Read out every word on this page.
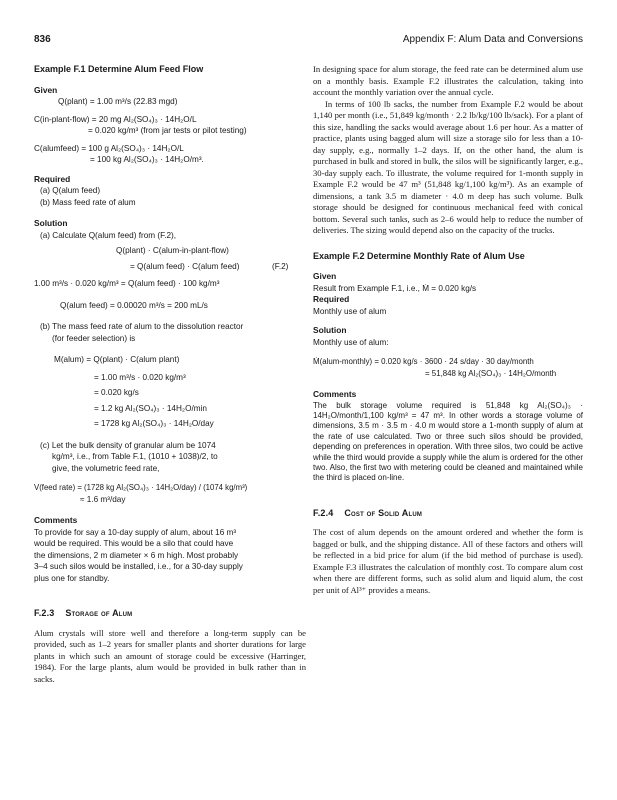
836	Appendix F: Alum Data and Conversions
Example F.1 Determine Alum Feed Flow
Given
Q(plant) = 1.00 m³/s (22.83 mgd)
C(in-plant-flow) = 20 mg Al₂(SO₄)₃ · 14H₂O/L
= 0.020 kg/m³ (from jar tests or pilot testing)
C(alumfeed) = 100 g Al₂(SO₄)₃ · 14H₂O/L
= 100 kg Al₂(SO₄)₃ · 14H₂O/m³.
Required
(a) Q(alum feed)
(b) Mass feed rate of alum
Solution
(a) Calculate Q(alum feed) from (F.2),
Q(plant) · C(alum-in-plant-flow)
= Q(alum feed) · C(alum feed)	(F.2)
1.00 m³/s · 0.020 kg/m³ = Q(alum feed) · 100 kg/m³
Q(alum feed) = 0.00020 m³/s = 200 mL/s
(b) The mass feed rate of alum to the dissolution reactor
(for feeder selection) is
M(alum) = Q(plant) · C(alum plant)
= 1.00 m³/s · 0.020 kg/m³
= 0.020 kg/s
= 1.2 kg Al₂(SO₄)₃ · 14H₂O/min
= 1728 kg Al₂(SO₄)₃ · 14H₂O/day
(c) Let the bulk density of granular alum be 1074
kg/m³, i.e., from Table F.1, (1010 + 1038)/2, to
give, the volumetric feed rate,
V(feed rate) = (1728 kg Al₂(SO₄)₃ · 14H₂O/day) / (1074 kg/m³)
≈ 1.6 m³/day
Comments
To provide for say a 10-day supply of alum, about 16 m³
would be required. This would be a silo that could have
the dimensions, 2 m diameter × 6 m high. Most probably
3–4 such silos would be installed, i.e., for a 30-day supply
plus one for standby.
F.2.3 Storage of Alum

Alum crystals will store well and therefore a long-term supply can be provided, such as 1–2 years for smaller plants and shorter durations for large plants in which such an amount of storage could be excessive (Harringer, 1984). For the large plants, alum would be provided in bulk rather than in sacks.

In designing space for alum storage, the feed rate can be determined alum use on a monthly basis. Example F.2 illustrates the calculation, taking into account the monthly variation over the annual cycle.

In terms of 100 lb sacks, the number from Example F.2 would be about 1,140 per month (i.e., 51,849 kg/month · 2.2 lb/kg/100 lb/sack). For a plant of this size, handling the sacks would average about 1.6 per hour. As a matter of practice, plants using bagged alum will size a storage silo for less than a 10-day supply, e.g., normally 1–2 days. If, on the other hand, the alum is purchased in bulk and stored in bulk, the silos will be significantly larger, e.g., 30-day supply each. To illustrate, the volume required for 1-month supply in Example F.2 would be 47 m³ (51,848 kg/1,100 kg/m³). As an example of dimensions, a tank 3.5 m diameter · 4.0 m deep has such volume. Bulk storage should be designed for continuous mechanical feed with conical bottom. Several such tanks, such as 2–6 would help to reduce the number of deliveries. The sizing would depend also on the capacity of the trucks.

Example F.2 Determine Monthly Rate of Alum Use
Given
Result from Example F.1, i.e., Ṁ = 0.020 kg/s
Required
Monthly use of alum
Solution
Monthly use of alum:
Ṁ(alum-monthly) = 0.020 kg/s · 3600 · 24 s/day · 30 day/month
= 51,848 kg Al₂(SO₄)₃ · 14H₂O/month
Comments

The bulk storage volume required is 51,848 kg Al₂(SO₄)₃ · 14H₂O/month/1,100 kg/m³ = 47 m³. In other words a storage volume of dimensions, 3.5 m · 3.5 m · 4.0 m would store a 1-month supply of alum at the rate of use calculated. Two or three such silos should be provided, depending on preferences in operation. With three silos, two could be active while the third would provide a supply while the alum is ordered for the other two. Also, the first two with metering could be cleaned and maintained while the third is placed on-line.

F.2.4 Cost of Solid Alum

The cost of alum depends on the amount ordered and whether the form is bagged or bulk, and the shipping distance. All of these factors and others will be reflected in a bid price for alum (if the bid method of purchase is used). Example F.3 illustrates the calculation of monthly cost. To compare alum cost when there are different forms, such as solid alum and liquid alum, the cost per unit of Al³⁺ provides a means.
